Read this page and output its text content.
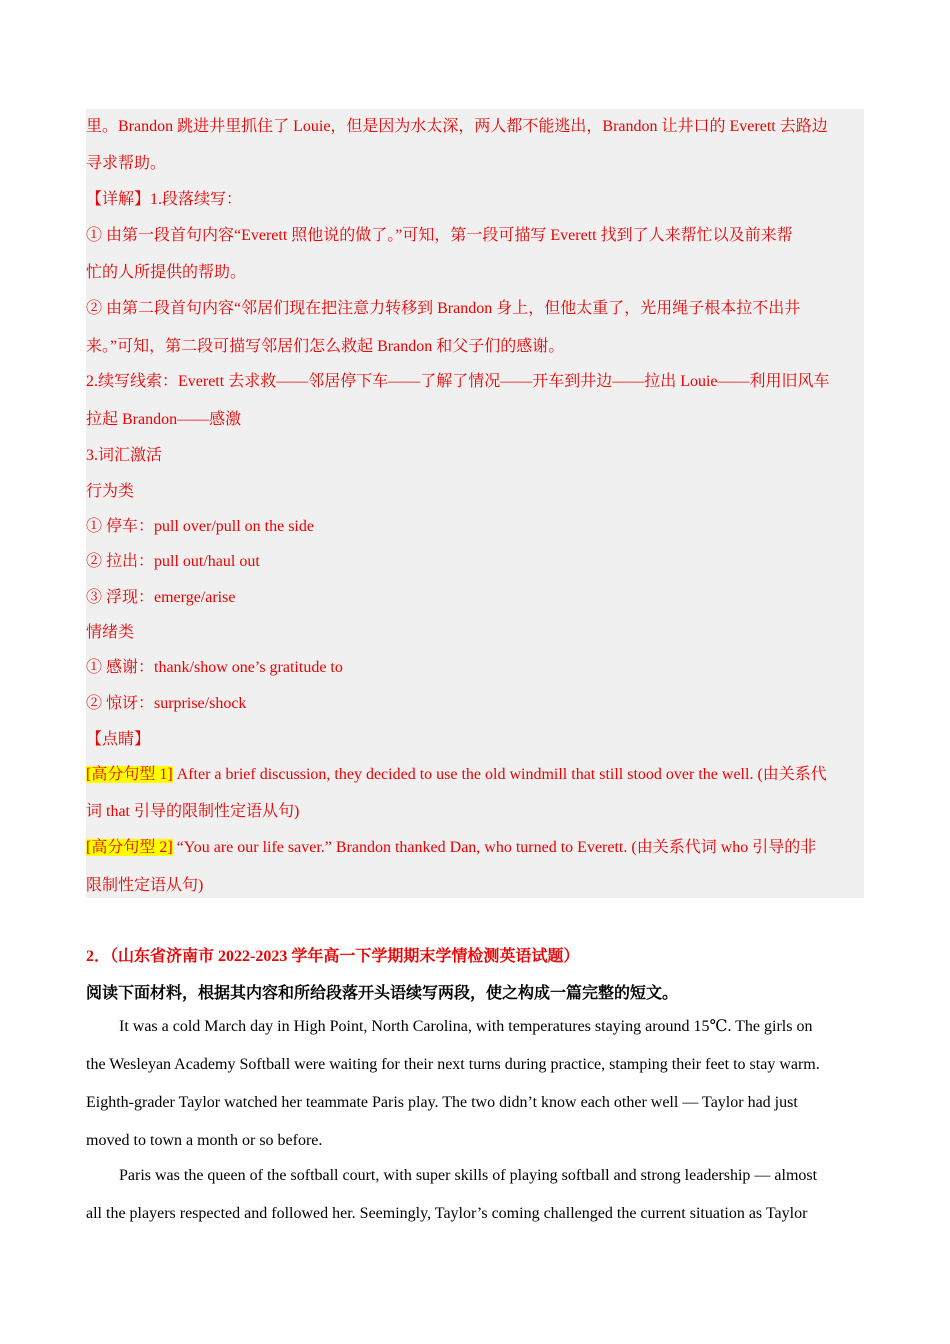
里。Brandon 跳进井里抓住了 Louie，但是因为水太深，两人都不能逃出，Brandon 让井口的 Everett 去路边
寻求帮助。
【详解】1.段落续写：
① 由第一段首句内容“Everett 照他说的做了。”可知，第一段可描写 Everett 找到了人来帮忙以及前来帮
忙的人所提供的帮助。
② 由第二段首句内容“邻居们现在把注意力转移到 Brandon 身上，但他太重了，光用绳子根本拉不出井
来。”可知，第二段可描写邻居们怎么救起 Brandon 和父子们的感谢。
2.续写线索：Everett 去求救——邻居停下车——了解了情况——开车到井边——拉出 Louie——利用旧风车
拉起 Brandon——感激
3.词汇激活
行为类
① 停车：pull over/pull on the side
② 拉出：pull out/haul out
③ 浮现：emerge/arise
情绪类
① 感谢：thank/show one’s gratitude to
② 惊讶：surprise/shock
【点睛】
[高分句型 1] After a brief discussion, they decided to use the old windmill that still stood over the well. (由关系代
词 that 引导的限制性定语从句)
[高分句型 2] “You are our life saver.” Brandon thanked Dan, who turned to Everett. (由关系代词 who 引导的非
限制性定语从句)
2．（山东省济南市 2022-2023 学年高一下学期期末学情检测英语试题）
阅读下面材料，根据其内容和所给段落开头语续写两段，使之构成一篇完整的短文。
It was a cold March day in High Point, North Carolina, with temperatures staying around 15℃. The girls on
the Wesleyan Academy Softball were waiting for their next turns during practice, stamping their feet to stay warm.
Eighth-grader Taylor watched her teammate Paris play. The two didn’t know each other well — Taylor had just
moved to town a month or so before.
Paris was the queen of the softball court, with super skills of playing softball and strong leadership — almost
all the players respected and followed her. Seemingly, Taylor’s coming challenged the current situation as Taylor
